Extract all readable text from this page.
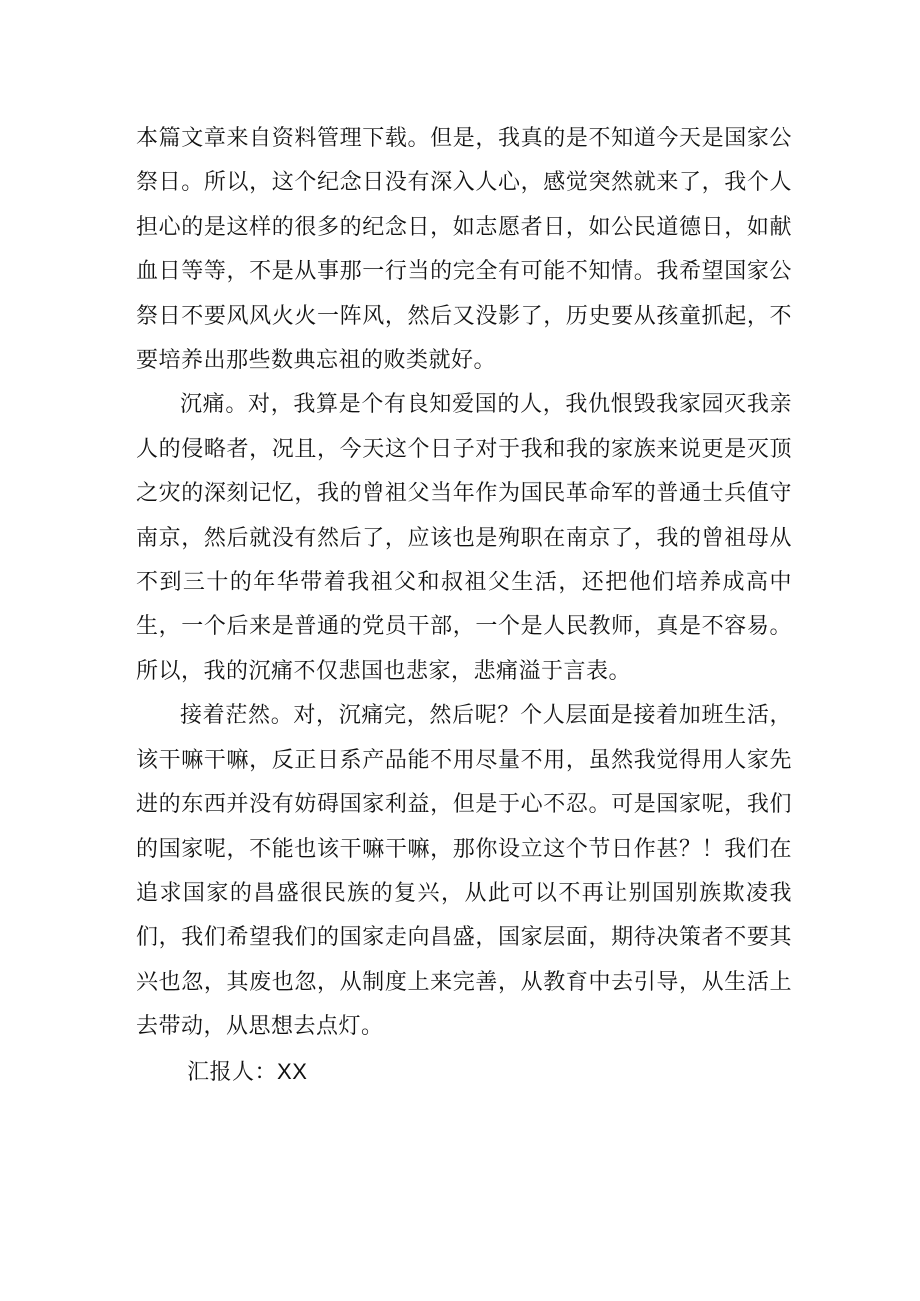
本篇文章来自资料管理下载。但是，我真的是不知道今天是国家公祭日。所以，这个纪念日没有深入人心，感觉突然就来了，我个人担心的是这样的很多的纪念日，如志愿者日，如公民道德日，如献血日等等，不是从事那一行当的完全有可能不知情。我希望国家公祭日不要风风火火一阵风，然后又没影了，历史要从孩童抓起，不要培养出那些数典忘祖的败类就好。

沉痛。对，我算是个有良知爱国的人，我仇恨毁我家园灭我亲人的侵略者，况且，今天这个日子对于我和我的家族来说更是灭顶之灾的深刻记忆，我的曾祖父当年作为国民革命军的普通士兵值守南京，然后就没有然后了，应该也是殉职在南京了，我的曾祖母从不到三十的年华带着我祖父和叔祖父生活，还把他们培养成高中生，一个后来是普通的党员干部，一个是人民教师，真是不容易。所以，我的沉痛不仅悲国也悲家，悲痛溢于言表。

接着茫然。对，沉痛完，然后呢？个人层面是接着加班生活，该干嘛干嘛，反正日系产品能不用尽量不用，虽然我觉得用人家先进的东西并没有妨碍国家利益，但是于心不忍。可是国家呢，我们的国家呢，不能也该干嘛干嘛，那你设立这个节日作甚？！我们在追求国家的昌盛很民族的复兴，从此可以不再让别国别族欺凌我们，我们希望我们的国家走向昌盛，国家层面，期待决策者不要其兴也忽，其废也忽，从制度上来完善，从教育中去引导，从生活上去带动，从思想去点灯。

汇报人：XX
